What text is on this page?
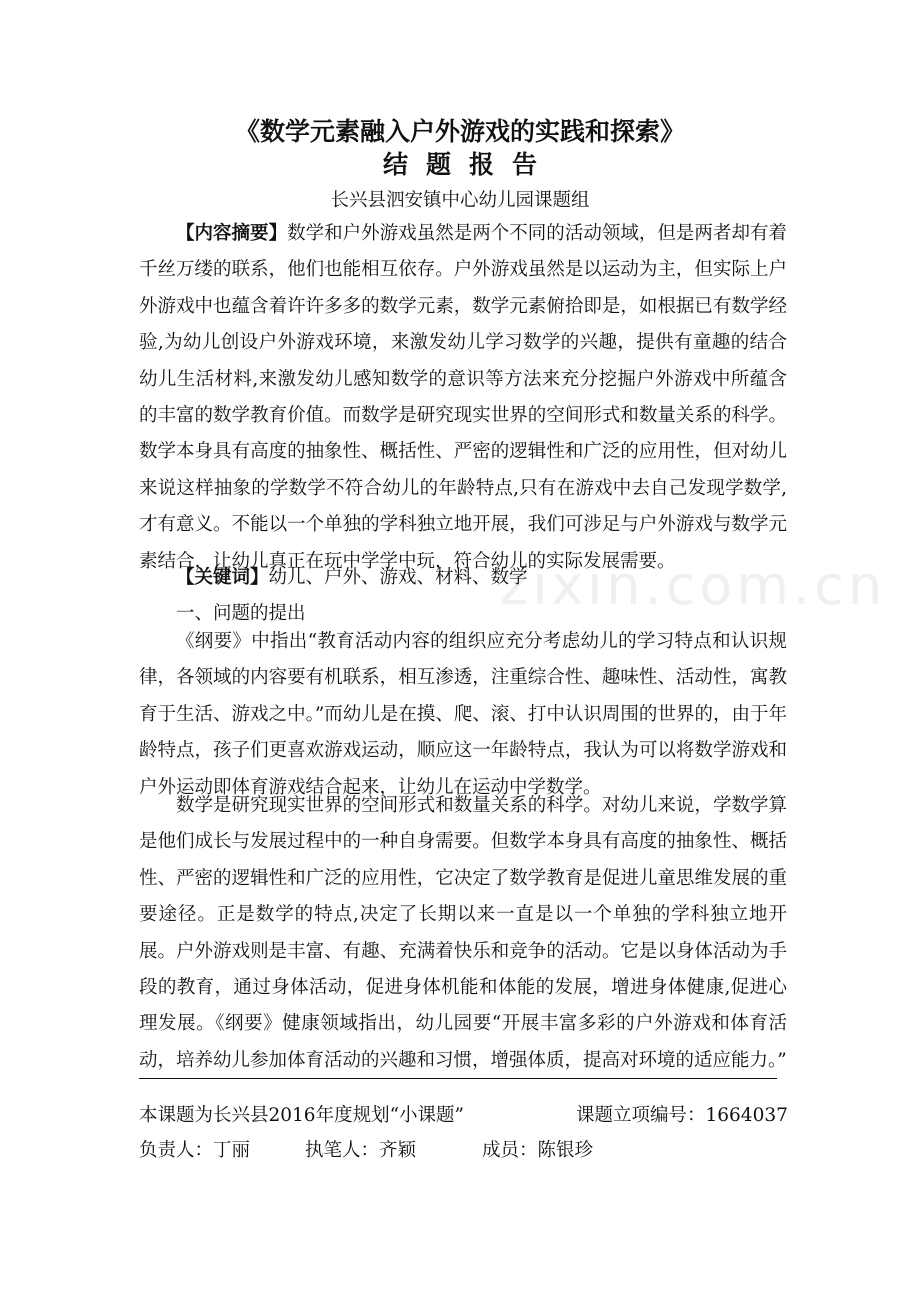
zixin.com.cn
《数学元素融入户外游戏的实践和探索》
结题报告
长兴县泗安镇中心幼儿园课题组

【内容摘要】数学和户外游戏虽然是两个不同的活动领域，但是两者却有着千丝万缕的联系，他们也能相互依存。户外游戏虽然是以运动为主，但实际上户外游戏中也蕴含着许许多多的数学元素，数学元素俯拾即是，如根据已有数学经验,为幼儿创设户外游戏环境，来激发幼儿学习数学的兴趣，提供有童趣的结合幼儿生活材料,来激发幼儿感知数学的意识等方法来充分挖掘户外游戏中所蕴含的丰富的数学教育价值。而数学是研究现实世界的空间形式和数量关系的科学。数学本身具有高度的抽象性、概括性、严密的逻辑性和广泛的应用性，但对幼儿来说这样抽象的学数学不符合幼儿的年龄特点,只有在游戏中去自己发现学数学,才有意义。不能以一个单独的学科独立地开展，我们可涉足与户外游戏与数学元素结合，让幼儿真正在玩中学学中玩，符合幼儿的实际发展需要。

【关键词】幼儿、户外、游戏、材料、数学

一、问题的提出

《纲要》中指出“教育活动内容的组织应充分考虑幼儿的学习特点和认识规律，各领域的内容要有机联系，相互渗透，注重综合性、趣味性、活动性，寓教育于生活、游戏之中。”而幼儿是在摸、爬、滚、打中认识周围的世界的，由于年龄特点，孩子们更喜欢游戏运动，顺应这一年龄特点，我认为可以将数学游戏和户外运动即体育游戏结合起来，让幼儿在运动中学数学。

数学是研究现实世界的空间形式和数量关系的科学。对幼儿来说，学数学算是他们成长与发展过程中的一种自身需要。但数学本身具有高度的抽象性、概括性、严密的逻辑性和广泛的应用性，它决定了数学教育是促进儿童思维发展的重要途径。正是数学的特点,决定了长期以来一直是以一个单独的学科独立地开展。户外游戏则是丰富、有趣、充满着快乐和竞争的活动。它是以身体活动为手段的教育，通过身体活动，促进身体机能和体能的发展，增进身体健康,促进心理发展。《纲要》健康领域指出，幼儿园要“开展丰富多彩的户外游戏和体育活动，培养幼儿参加体育活动的兴趣和习惯，增强体质，提高对环境的适应能力。”

本课题为长兴县2016年度规划“小课题”	课题立项编号：1664037
负责人：丁丽	执笔人：齐颖	成员：陈银珍
